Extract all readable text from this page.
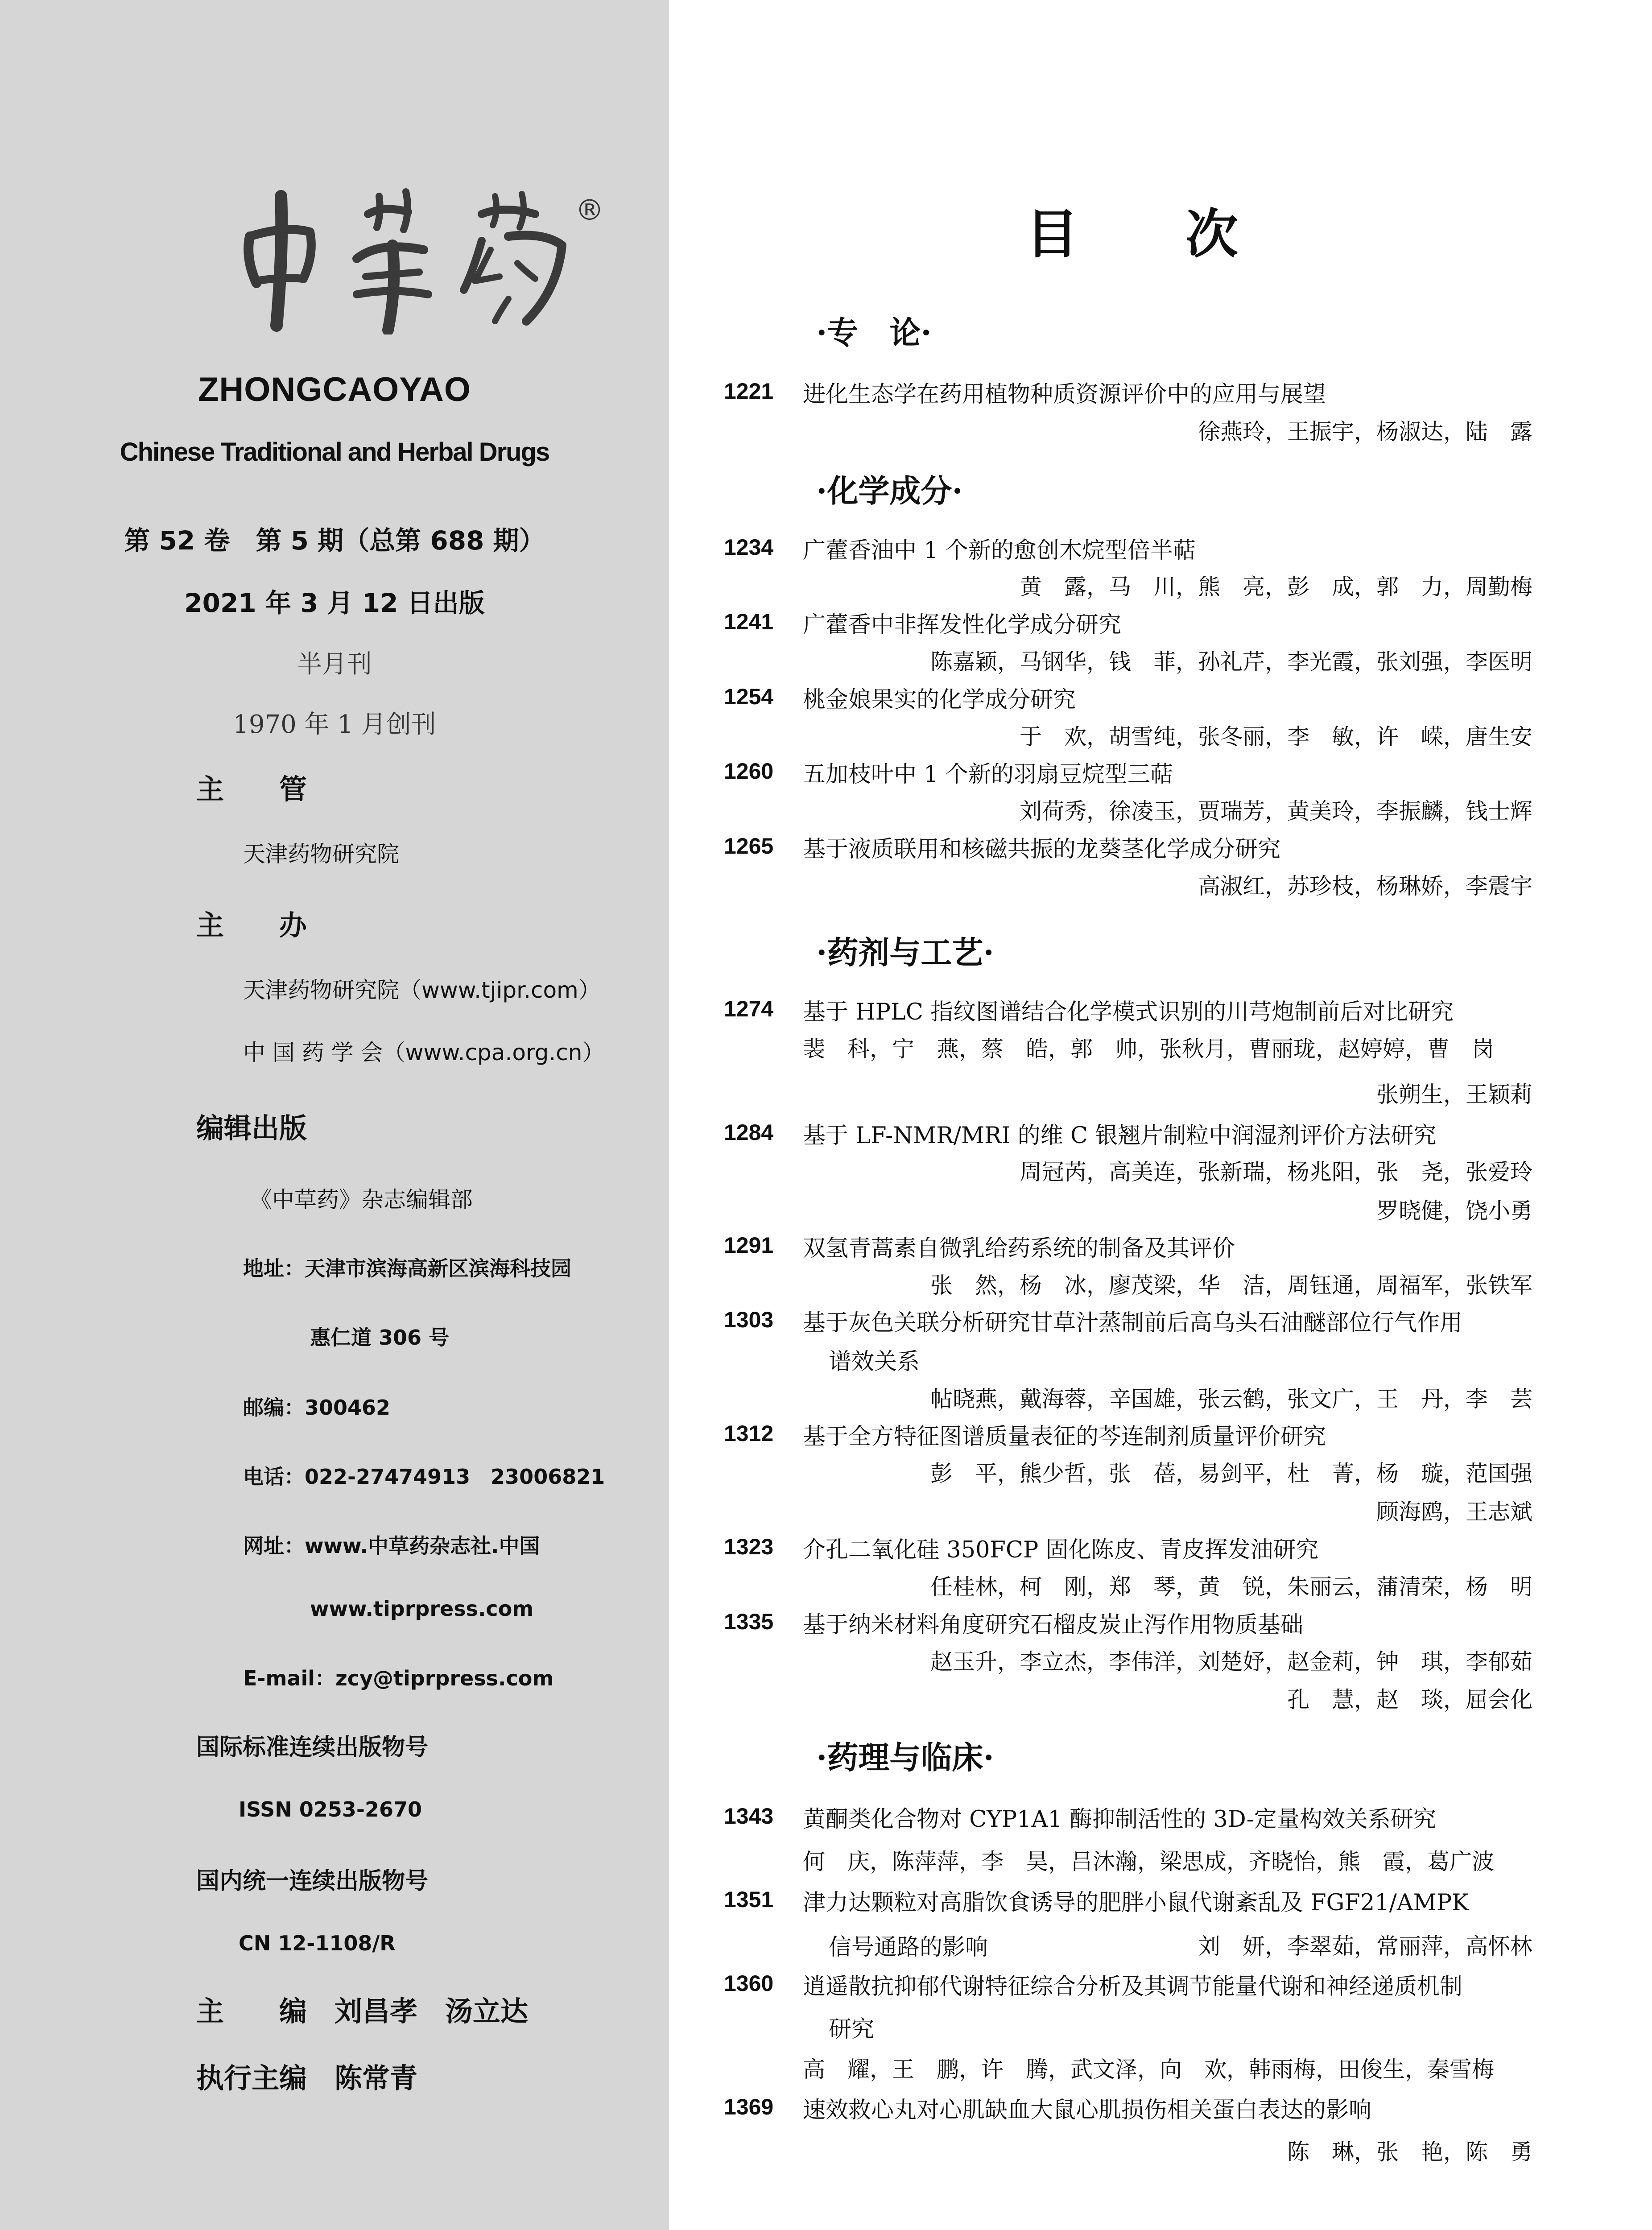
®
ZHONGCAOYAO
Chinese Traditional and Herbal Drugs
第 52 卷　第 5 期（总第 688 期）
2021 年 3 月 12 日出版
半月刊
1970 年 1 月创刊
主　　管
天津药物研究院
主　　办
天津药物研究院（www.tjipr.com）
中 国 药 学 会（www.cpa.org.cn）
编辑出版
《中草药》杂志编辑部
地址：天津市滨海高新区滨海科技园
惠仁道 306 号
邮编：300462
电话：022-27474913　23006821
网址：www.中草药杂志社.中国
www.tiprpress.com
E-mail：zcy@tiprpress.com
国际标准连续出版物号
ISSN 0253-2670
国内统一连续出版物号
CN 12-1108/R
主　　编　刘昌孝　汤立达
执行主编　陈常青
目次
·专　论·
1221 进化生态学在药用植物种质资源评价中的应用与展望
徐燕玲，王振宇，杨淑达，陆　露
·化学成分·
1234 广藿香油中 1 个新的愈创木烷型倍半萜
黄　露，马　川，熊　亮，彭　成，郭　力，周勤梅
1241 广藿香中非挥发性化学成分研究
陈嘉颖，马钢华，钱　菲，孙礼芹，李光霞，张刘强，李医明
1254 桃金娘果实的化学成分研究
于　欢，胡雪纯，张冬丽，李　敏，许　嵘，唐生安
1260 五加枝叶中 1 个新的羽扇豆烷型三萜
刘荷秀，徐凌玉，贾瑞芳，黄美玲，李振麟，钱士辉
1265 基于液质联用和核磁共振的龙葵茎化学成分研究
高淑红，苏珍枝，杨琳娇，李震宇
·药剂与工艺·
1274 基于 HPLC 指纹图谱结合化学模式识别的川芎炮制前后对比研究
裴　科，宁　燕，蔡　皓，郭　帅，张秋月，曹丽珑，赵婷婷，曹　岗
张朔生，王颖莉
1284 基于 LF-NMR/MRI 的维 C 银翘片制粒中润湿剂评价方法研究
周冠芮，高美连，张新瑞，杨兆阳，张　尧，张爱玲
罗晓健，饶小勇
1291 双氢青蒿素自微乳给药系统的制备及其评价
张　然，杨　冰，廖茂梁，华　洁，周钰通，周福军，张铁军
1303 基于灰色关联分析研究甘草汁蒸制前后高乌头石油醚部位行气作用
谱效关系
帖晓燕，戴海蓉，辛国雄，张云鹤，张文广，王　丹，李　芸
1312 基于全方特征图谱质量表征的芩连制剂质量评价研究
彭　平，熊少哲，张　蓓，易剑平，杜　菁，杨　璇，范国强
顾海鸥，王志斌
1323 介孔二氧化硅 350FCP 固化陈皮、青皮挥发油研究
任桂林，柯　刚，郑　琴，黄　锐，朱丽云，蒲清荣，杨　明
1335 基于纳米材料角度研究石榴皮炭止泻作用物质基础
赵玉升，李立杰，李伟洋，刘楚妤，赵金莉，钟　琪，李郁茹
孔　慧，赵　琰，屈会化
·药理与临床·
1343 黄酮类化合物对 CYP1A1 酶抑制活性的 3D-定量构效关系研究
何　庆，陈萍萍，李　昊，吕沐瀚，梁思成，齐晓怡，熊　霞，葛广波
1351 津力达颗粒对高脂饮食诱导的肥胖小鼠代谢紊乱及 FGF21/AMPK
信号通路的影响	刘　妍，李翠茹，常丽萍，高怀林
1360 逍遥散抗抑郁代谢特征综合分析及其调节能量代谢和神经递质机制
研究
高　耀，王　鹏，许　腾，武文泽，向　欢，韩雨梅，田俊生，秦雪梅
1369 速效救心丸对心肌缺血大鼠心肌损伤相关蛋白表达的影响
陈　琳，张　艳，陈　勇
